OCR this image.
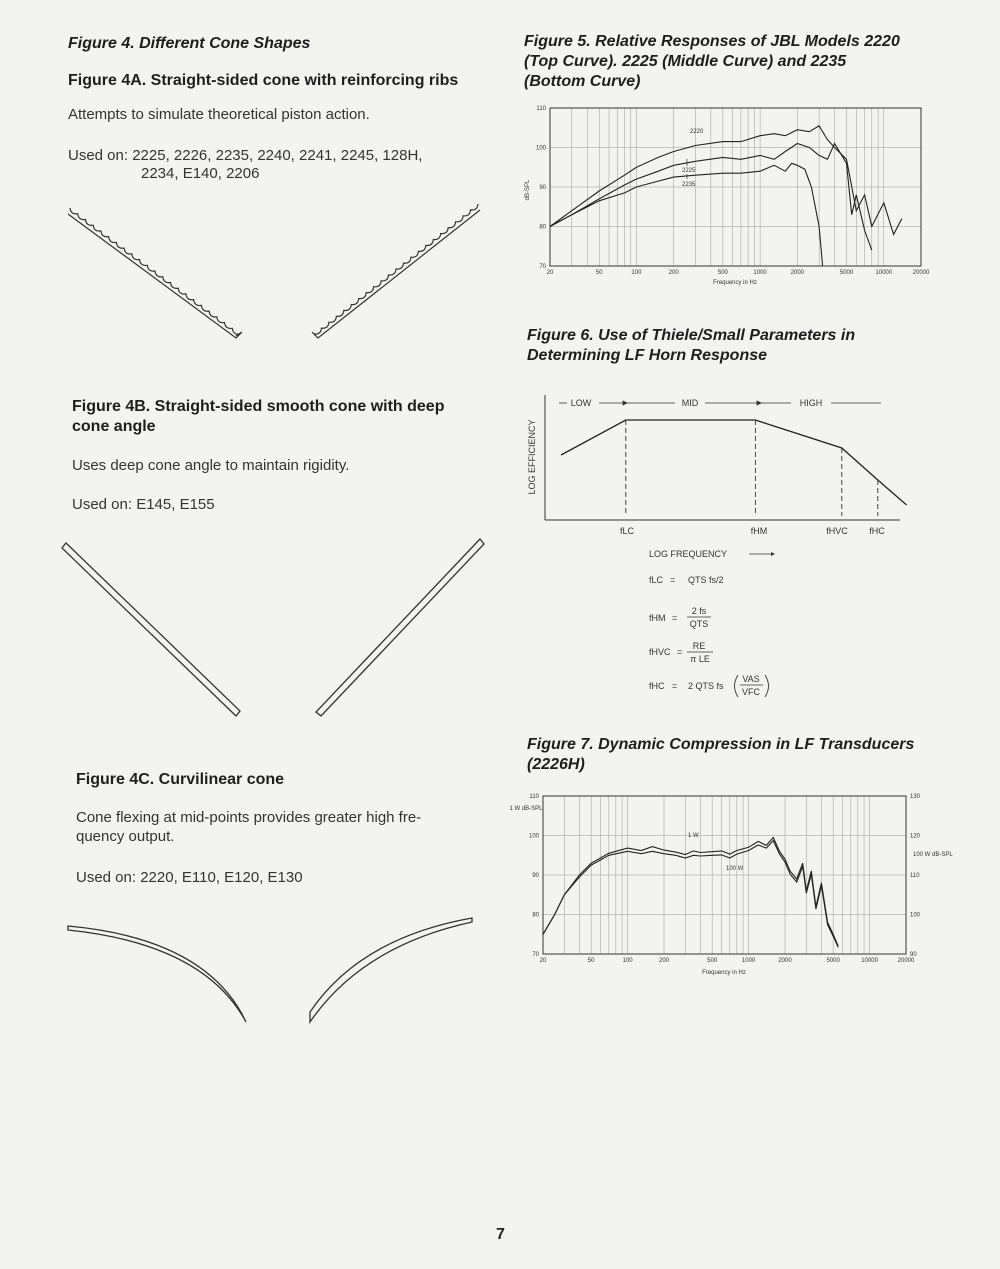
Figure 4. Different Cone Shapes
Figure 4A. Straight-sided cone with reinforcing ribs
Attempts to simulate theoretical piston action.
Used on: 2225, 2226, 2235, 2240, 2241, 2245, 128H,
2234, E140, 2206
Figure 4B. Straight-sided smooth cone with deep
cone angle
Uses deep cone angle to maintain rigidity.
Used on: E145, E155
Figure 4C. Curvilinear cone
Cone flexing at mid-points provides greater high fre-
quency output.
Used on: 2220, E110, E120, E130
Figure 5. Relative Responses of JBL Models 2220
(Top Curve). 2225 (Middle Curve) and 2235
(Bottom Curve)
70
80
90
100
110
20	50	100	200	500	1000	2000	5000	10000	20000
dB-SPL
Frequency in Hz
2220
2225
2235
Figure 6. Use of Thiele/Small Parameters in
Determining LF Horn Response
LOG EFFICIENCY
LOW	MID	HIGH
fLC	fHM	fHVC fHC
LOG FREQUENCY
fLC = QTS fs/2
fHM =
2 fs
QTS
fHVC =
RE
π LE
fHC = 2 QTS fs
VAS
VFC
Figure 7. Dynamic Compression in LF Transducers
(2226H)
70
80
90
100
110
90
100
110
120
130
20	50	100	200	500	1000	2000	5000	10000	20000
1 W dB-SPL
100 W dB-SPL
Frequency in Hz
1 W
100 W
7
